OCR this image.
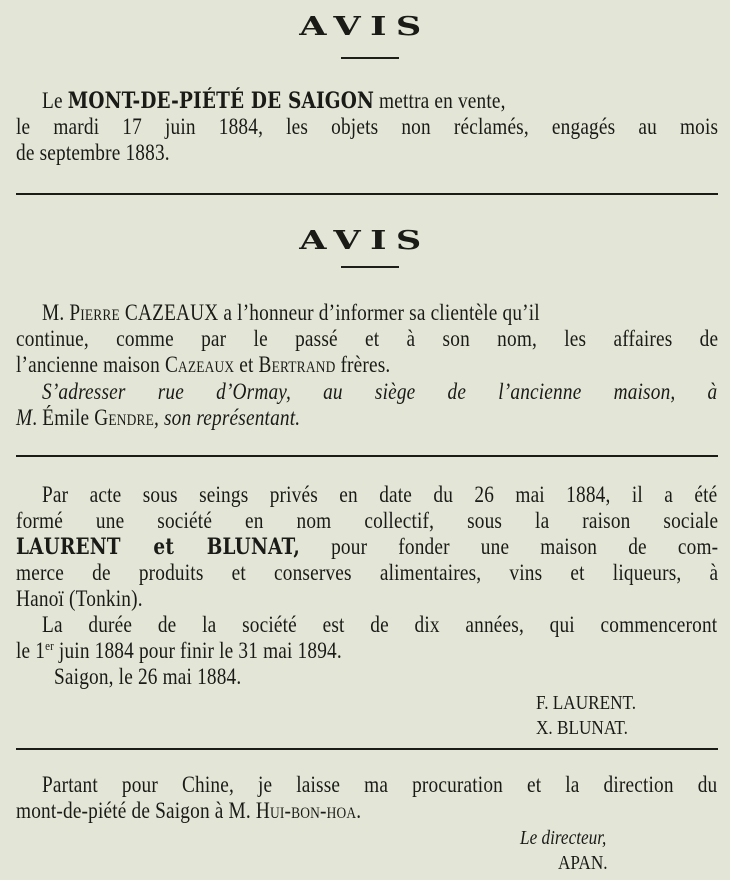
AVIS
Le MONT-DE-PIÉTÉ DE SAIGON mettra en vente,
le mardi 17 juin 1884, les objets non réclamés, engagés au mois
de septembre 1883.
AVIS
M. Pierre CAZEAUX a l’honneur d’informer sa clientèle qu’il
continue, comme par le passé et à son nom, les affaires de
l’ancienne maison Cazeaux et Bertrand frères.
S’adresser rue d’Ormay, au siège de l’ancienne maison, à
M. Émile Gendre, son représentant.
Par acte sous seings privés en date du 26 mai 1884, il a été
formé une société en nom collectif, sous la raison sociale
LAURENT et BLUNAT, pour fonder une maison de com-
merce de produits et conserves alimentaires, vins et liqueurs, à
Hanoï (Tonkin).
La durée de la société est de dix années, qui commenceront
le 1er juin 1884 pour finir le 31 mai 1894.
Saigon, le 26 mai 1884.
F. LAURENT.
X. BLUNAT.
Partant pour Chine, je laisse ma procuration et la direction du
mont-de-piété de Saigon à M. Hui-bon-hoa.
Le directeur,
APAN.
